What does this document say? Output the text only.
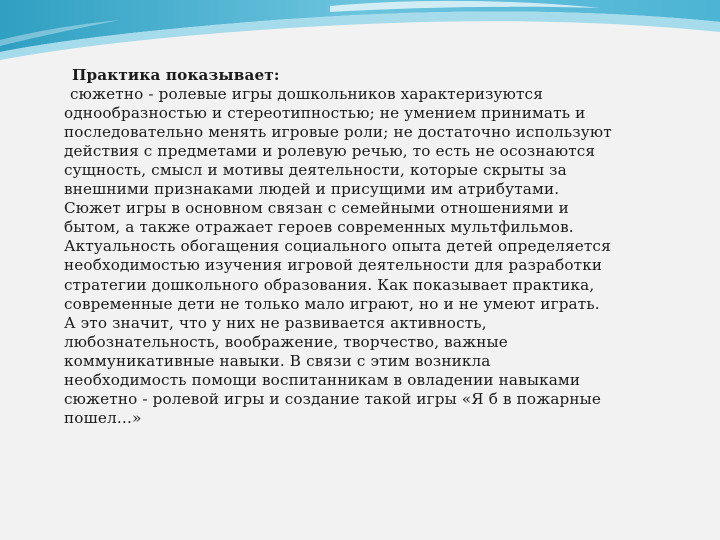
Практика показывает:

сюжетно - ролевые игры дошкольников характеризуются

однообразностью и стереотипностью; не умением принимать и

последовательно менять игровые роли; не достаточно используют

действия с предметами и ролевую речью, то есть не осознаются

сущность, смысл и мотивы деятельности, которые скрыты за

внешними признаками людей и присущими им атрибутами.

Сюжет игры в основном связан с семейными отношениями и

бытом, а также отражает героев современных мультфильмов.

Актуальность обогащения социального опыта детей определяется

необходимостью изучения игровой деятельности для разработки

стратегии дошкольного образования. Как показывает практика,

современные дети не только мало играют, но и не умеют играть.

А это значит, что у них не развивается активность,

любознательность, воображение, творчество, важные

коммуникативные навыки. В связи с этим возникла

необходимость помощи воспитанникам в овладении навыками

сюжетно - ролевой игры и создание такой игры «Я б в пожарные

пошел…»
